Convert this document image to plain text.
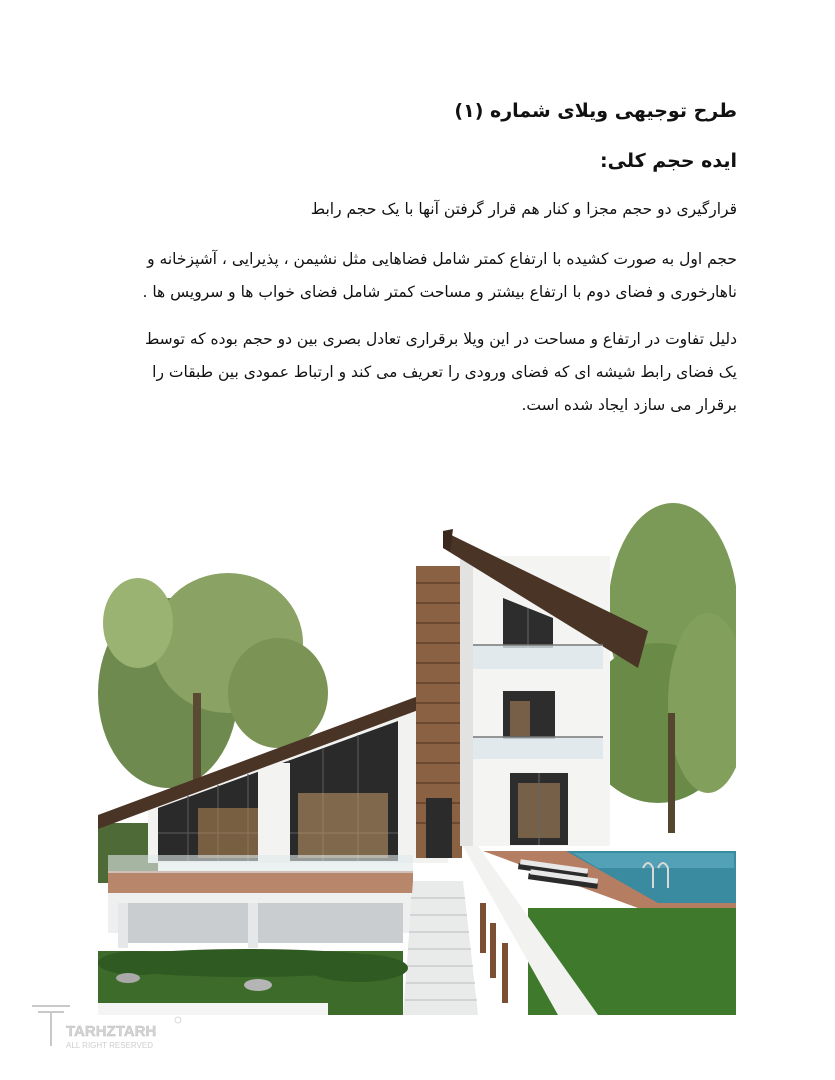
طرح توجیهی ویلای شماره (۱)
ایده حجم کلی:
قرارگیری دو حجم مجزا و کنار هم قرار گرفتن آنها با یک حجم رابط
حجم اول به صورت کشیده با ارتفاع کمتر شامل فضاهایی مثل نشیمن ، پذیرایی ، آشپزخانه و
ناهارخوری و فضای دوم با ارتفاع بیشتر و مساحت کمتر شامل فضای خواب ها و سرویس ها .
دلیل تفاوت در ارتفاع و مساحت در این ویلا برقراری تعادل بصری بین دو حجم بوده که توسط
یک فضای رابط شیشه ای که فضای ورودی را تعریف می کند و ارتباط عمودی بین طبقات را
برقرار می سازد ایجاد شده است.
TARHZTARH
ALL RIGHT RESERVED
